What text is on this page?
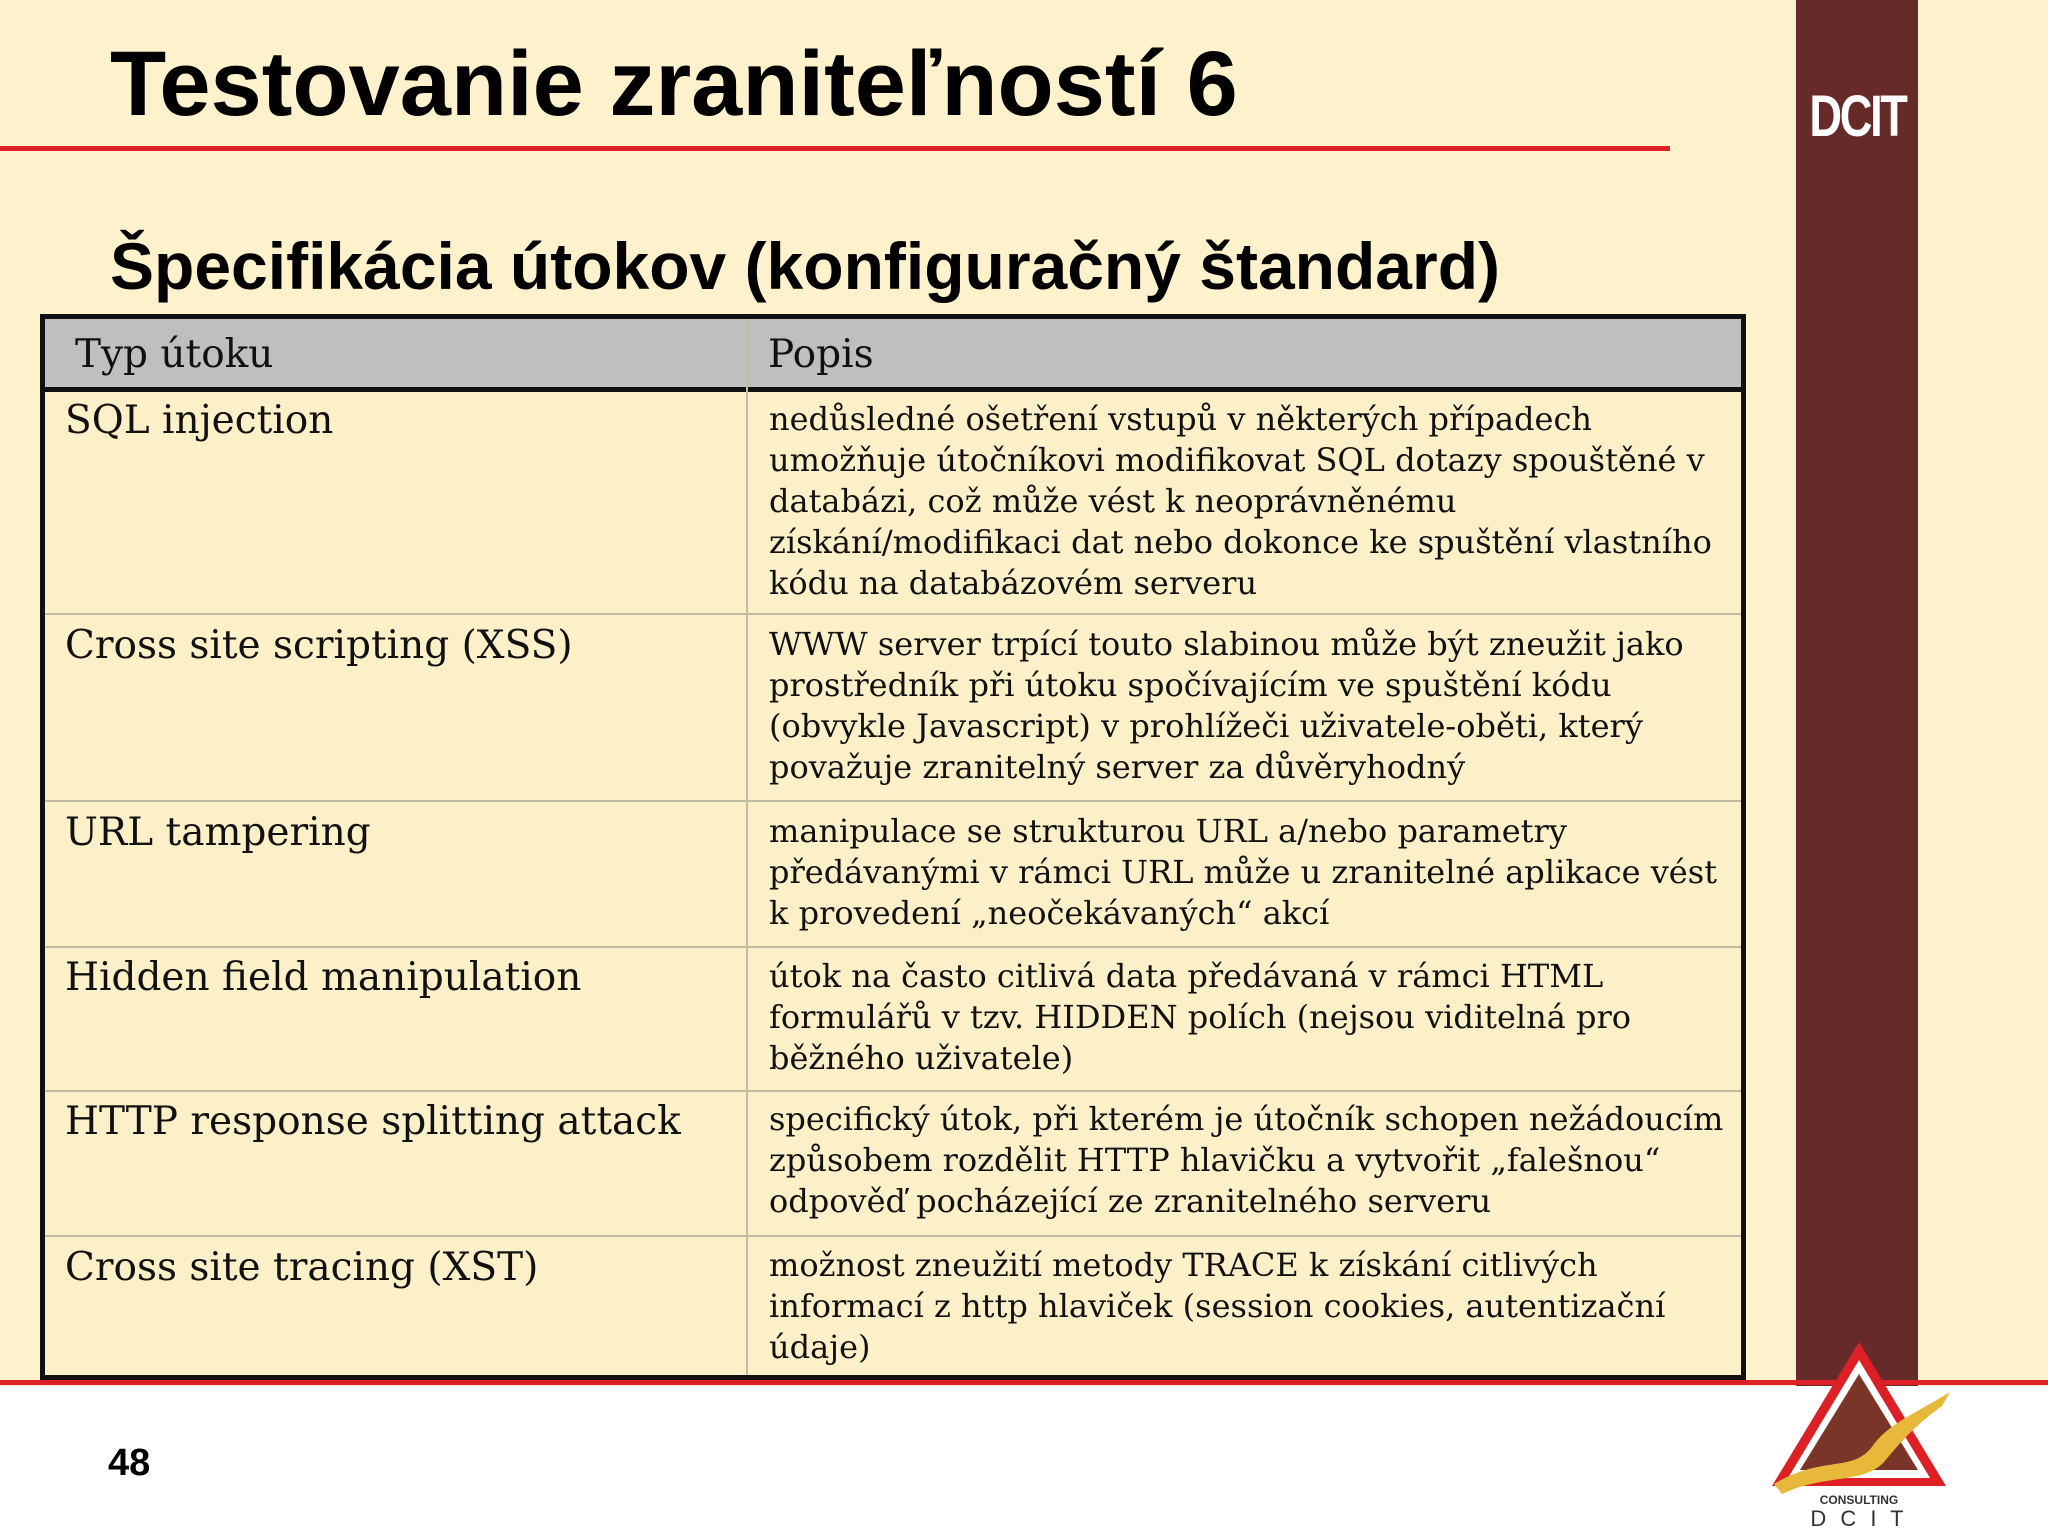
Testovanie zraniteľností 6
Špecifikácia útokov (konfiguračný štandard)
DCIT
Typ útoku	Popis
SQL injection	nedůsledné ošetření vstupů v některých případech umožňuje útočníkovi modifikovat SQL dotazy spouštěné v databázi, což může vést k neoprávněnému získání/modifikaci dat nebo dokonce ke spuštění vlastního kódu na databázovém serveru
Cross site scripting (XSS)	WWW server trpící touto slabinou může být zneužit jako prostředník při útoku spočívajícím ve spuštění kódu (obvykle Javascript) v prohlížeči uživatele-oběti, který považuje zranitelný server za důvěryhodný
URL tampering	manipulace se strukturou URL a/nebo parametry předávanými v rámci URL může u zranitelné aplikace vést k provedení „neočekávaných“ akcí
Hidden field manipulation	útok na často citlivá data předávaná v rámci HTML formulářů v tzv. HIDDEN polích (nejsou viditelná pro běžného uživatele)
HTTP response splitting attack	specifický útok, při kterém je útočník schopen nežádoucím způsobem rozdělit HTTP hlavičku a vytvořit „falešnou“ odpověď pocházející ze zranitelného serveru
Cross site tracing (XST)	možnost zneužití metody TRACE k získání citlivých informací z http hlaviček (session cookies, autentizační údaje)
48
CONSULTING
D C I T
